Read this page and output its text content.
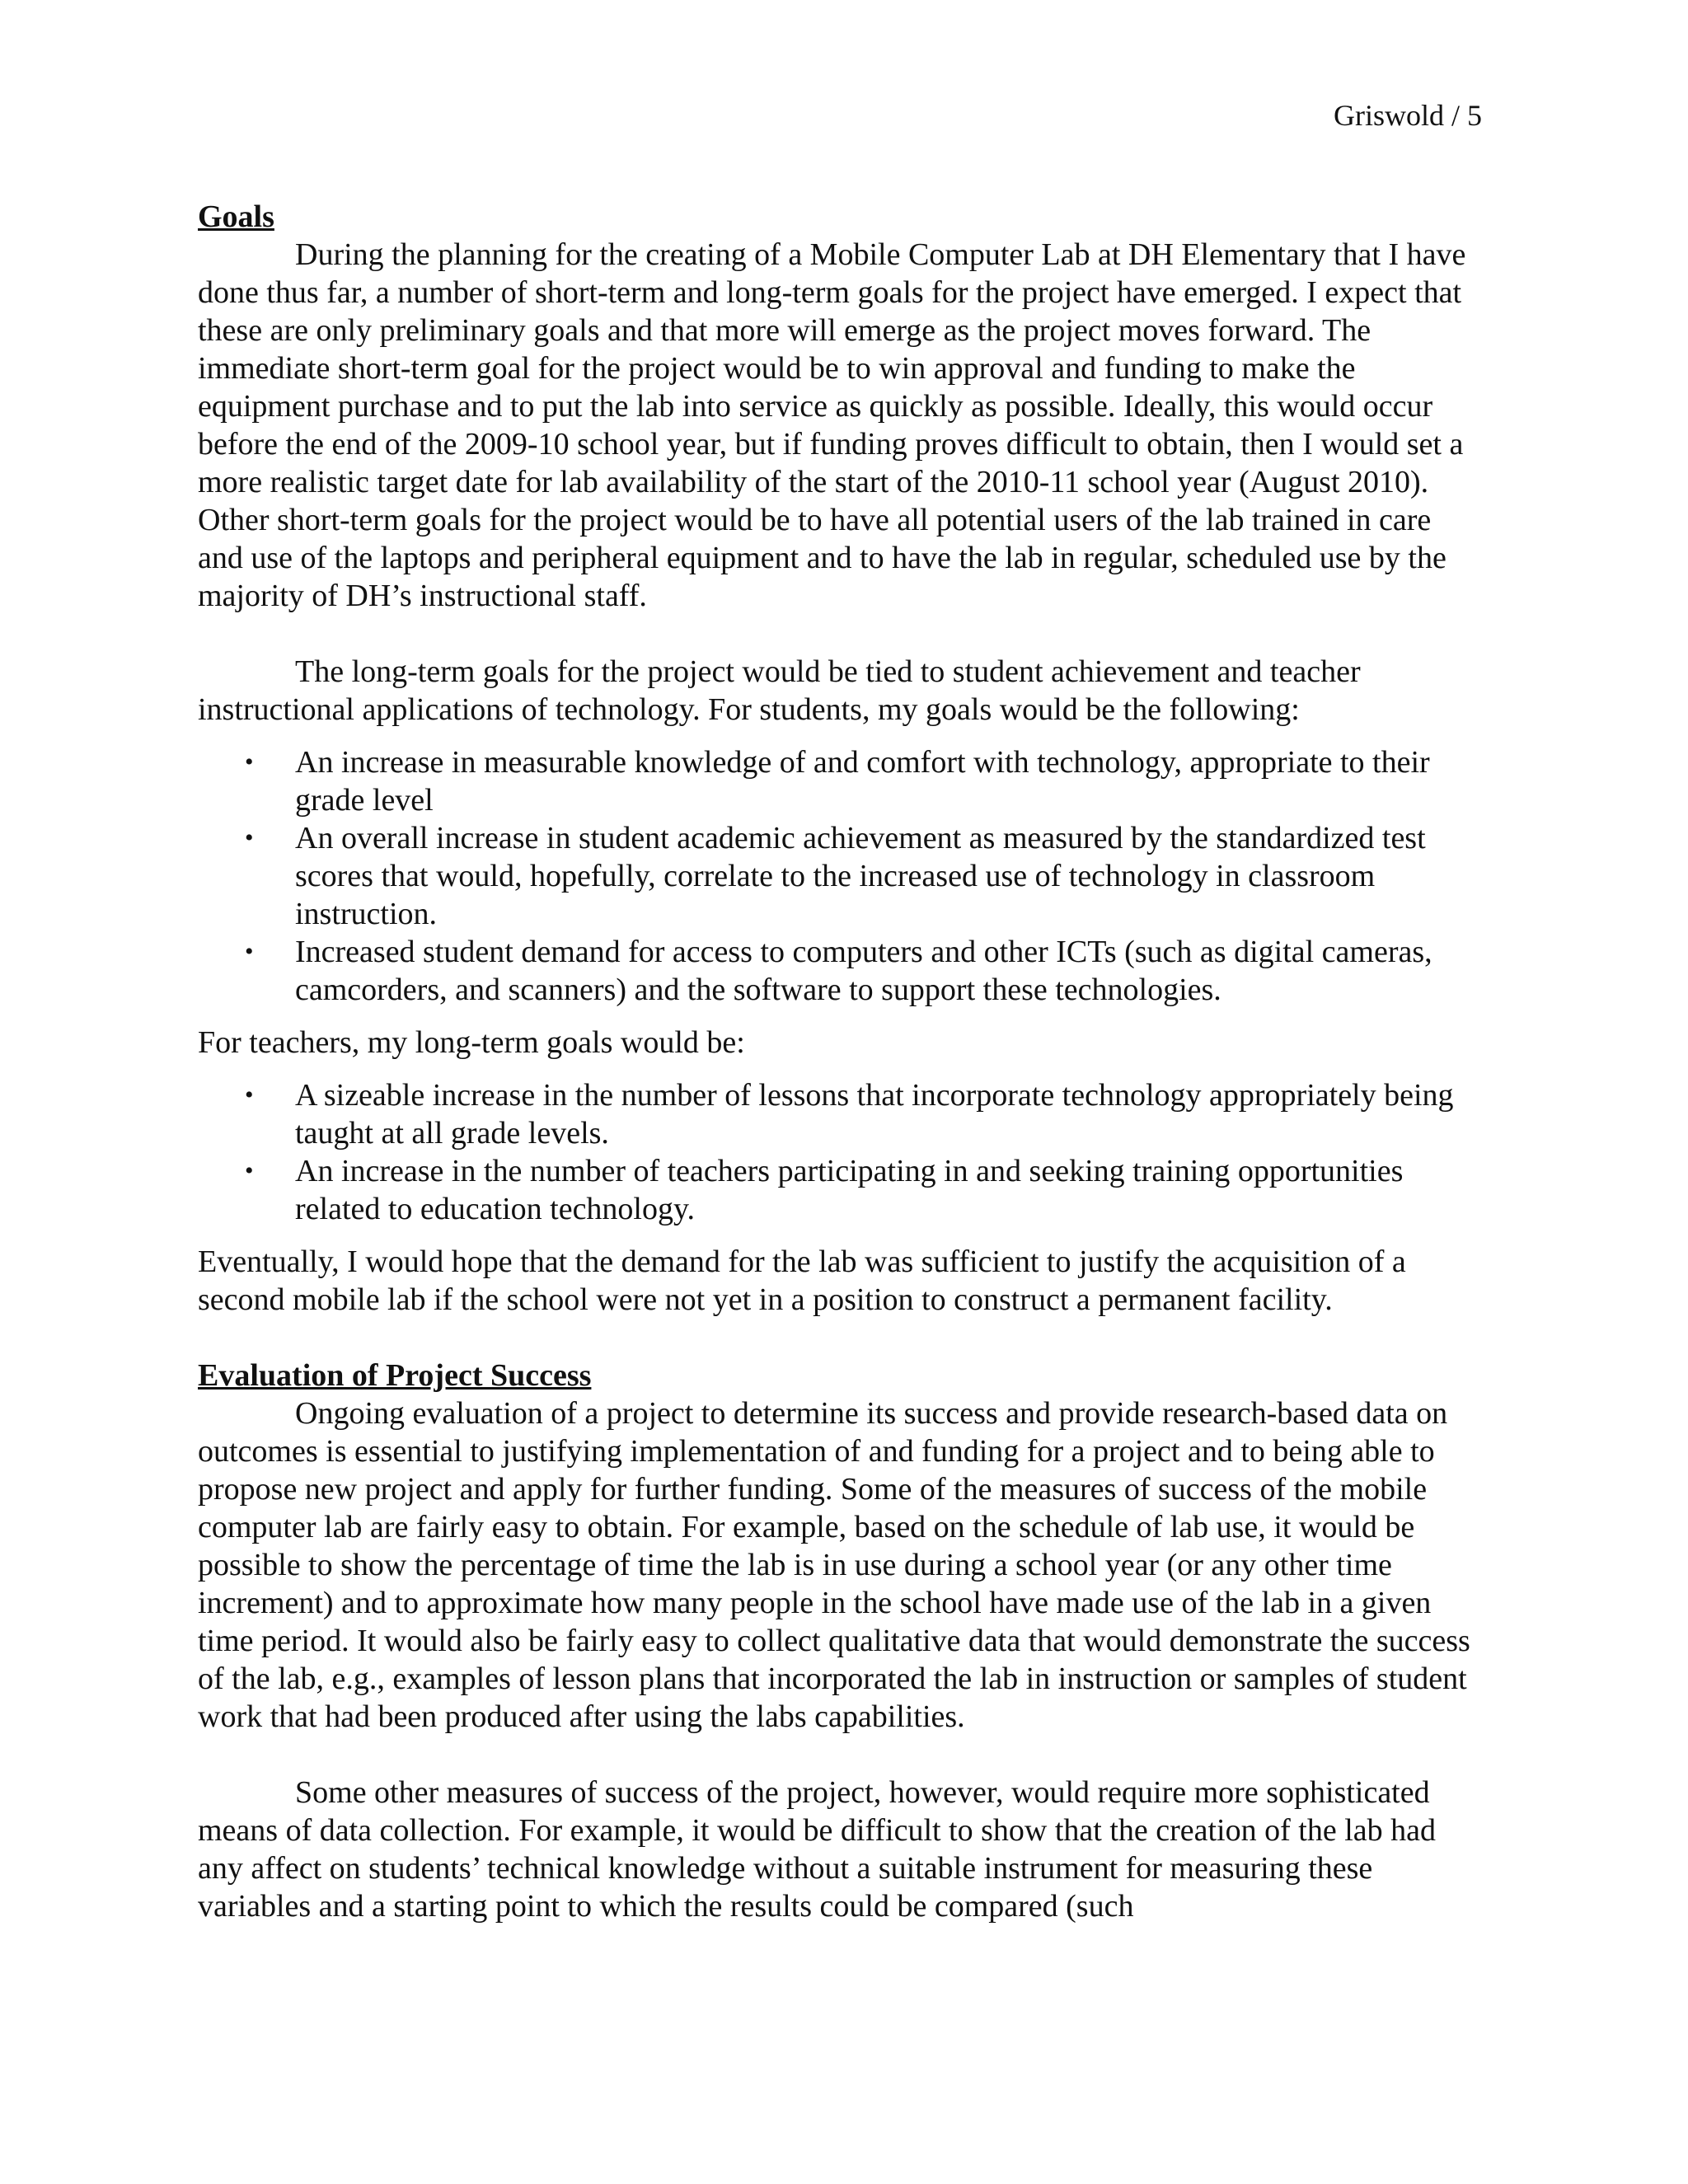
Griswold / 5

Goals

During the planning for the creating of a Mobile Computer Lab at DH Elementary that I have done thus far, a number of short-term and long-term goals for the project have emerged. I expect that these are only preliminary goals and that more will emerge as the project moves forward. The immediate short-term goal for the project would be to win approval and funding to make the equipment purchase and to put the lab into service as quickly as possible. Ideally, this would occur before the end of the 2009-10 school year, but if funding proves difficult to obtain, then I would set a more realistic target date for lab availability of the start of the 2010-11 school year (August 2010). Other short-term goals for the project would be to have all potential users of the lab trained in care and use of the laptops and peripheral equipment and to have the lab in regular, scheduled use by the majority of DH’s instructional staff.

The long-term goals for the project would be tied to student achievement and teacher instructional applications of technology. For students, my goals would be the following:

• An increase in measurable knowledge of and comfort with technology, appropriate to their grade level
• An overall increase in student academic achievement as measured by the standardized test scores that would, hopefully, correlate to the increased use of technology in classroom instruction.
• Increased student demand for access to computers and other ICTs (such as digital cameras, camcorders, and scanners) and the software to support these technologies.

For teachers, my long-term goals would be:

• A sizeable increase in the number of lessons that incorporate technology appropriately being taught at all grade levels.
• An increase in the number of teachers participating in and seeking training opportunities related to education technology.

Eventually, I would hope that the demand for the lab was sufficient to justify the acquisition of a second mobile lab if the school were not yet in a position to construct a permanent facility.

Evaluation of Project Success

Ongoing evaluation of a project to determine its success and provide research-based data on outcomes is essential to justifying implementation of and funding for a project and to being able to propose new project and apply for further funding. Some of the measures of success of the mobile computer lab are fairly easy to obtain. For example, based on the schedule of lab use, it would be possible to show the percentage of time the lab is in use during a school year (or any other time increment) and to approximate how many people in the school have made use of the lab in a given time period. It would also be fairly easy to collect qualitative data that would demonstrate the success of the lab, e.g., examples of lesson plans that incorporated the lab in instruction or samples of student work that had been produced after using the labs capabilities.

Some other measures of success of the project, however, would require more sophisticated means of data collection. For example, it would be difficult to show that the creation of the lab had any affect on students’ technical knowledge without a suitable instrument for measuring these variables and a starting point to which the results could be compared (such
